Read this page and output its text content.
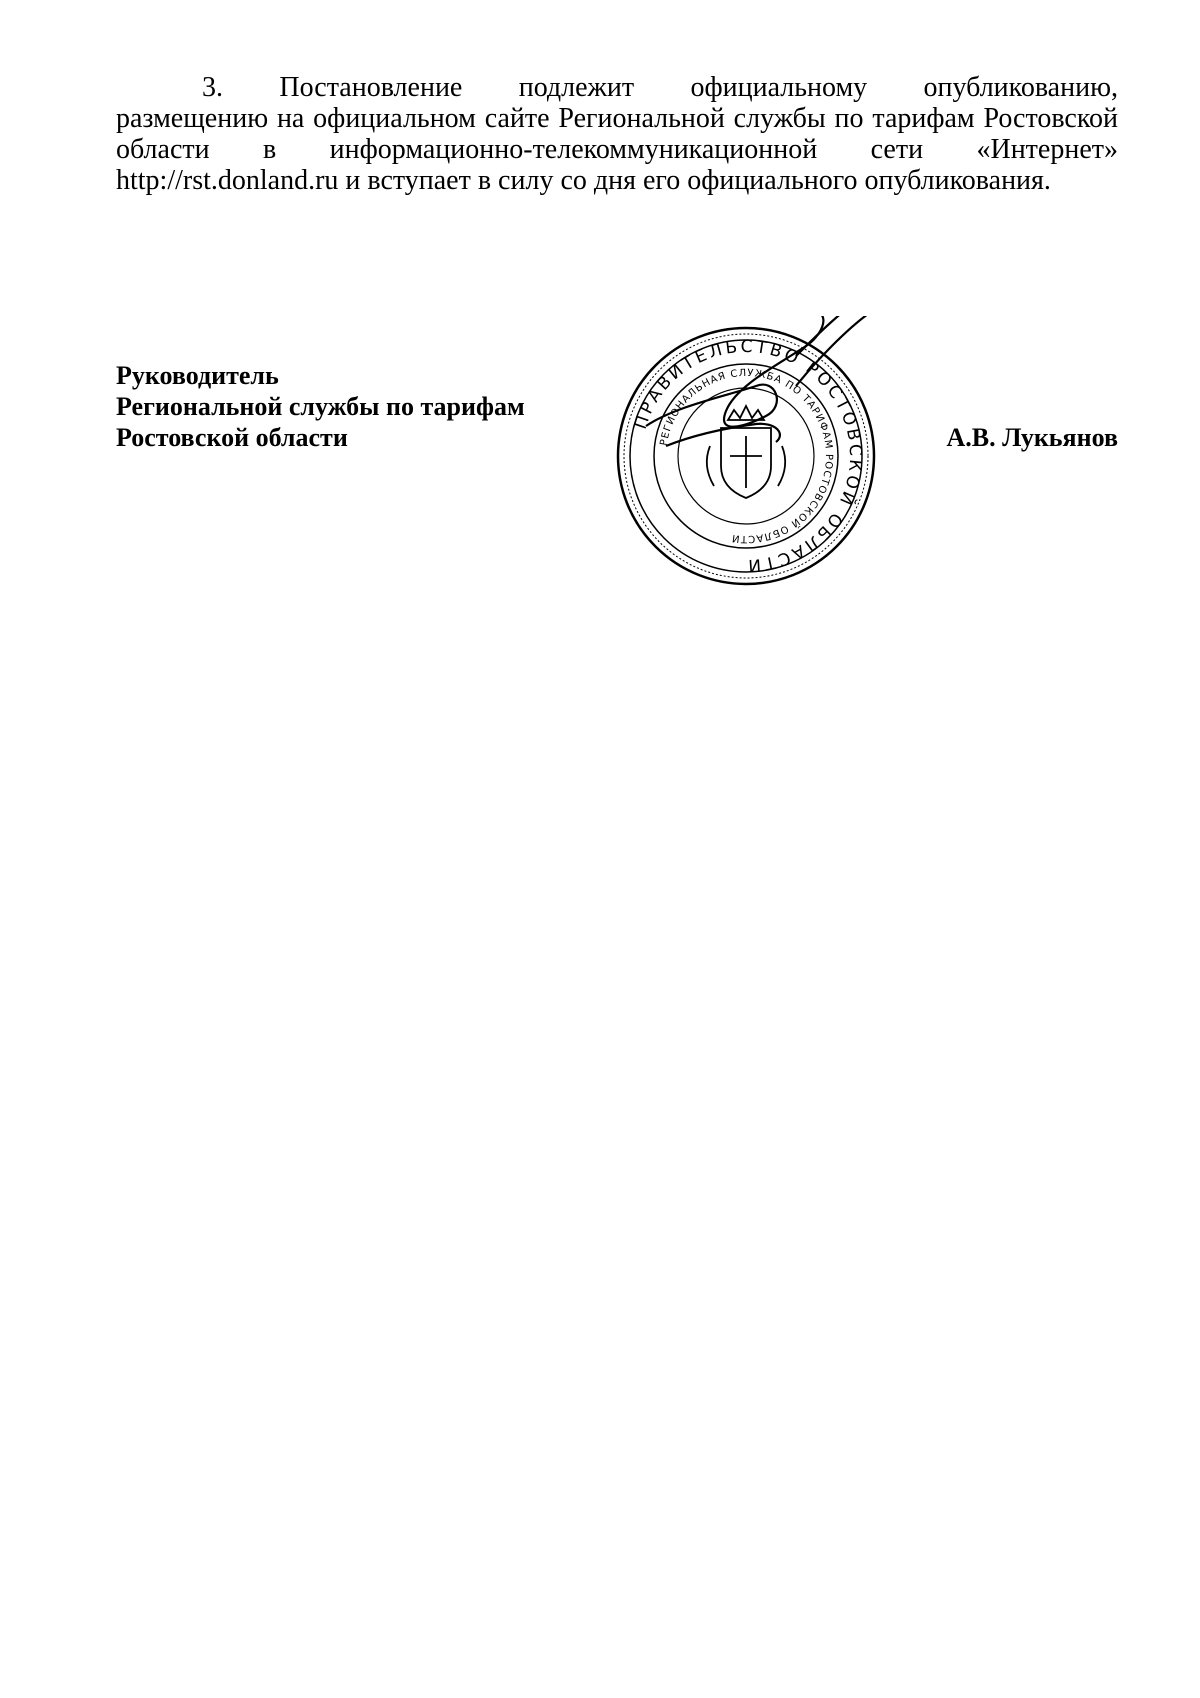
3. Постановление подлежит официальному опубликованию,
размещению на официальном сайте Региональной службы по тарифам Ростовской
области в информационно-телекоммуникационной сети «Интернет»
http://rst.donland.ru и вступает в силу со дня его официального опубликования.
Руководитель
Региональной службы по тарифам
Ростовской области	А.В. Лукьянов
ПРАВИТЕЛЬСТВО РОСТОВСКОЙ ОБЛАСТИ
РЕГИОНАЛЬНАЯ СЛУЖБА ПО ТАРИФАМ РОСТОВСКОЙ ОБЛАСТИ
